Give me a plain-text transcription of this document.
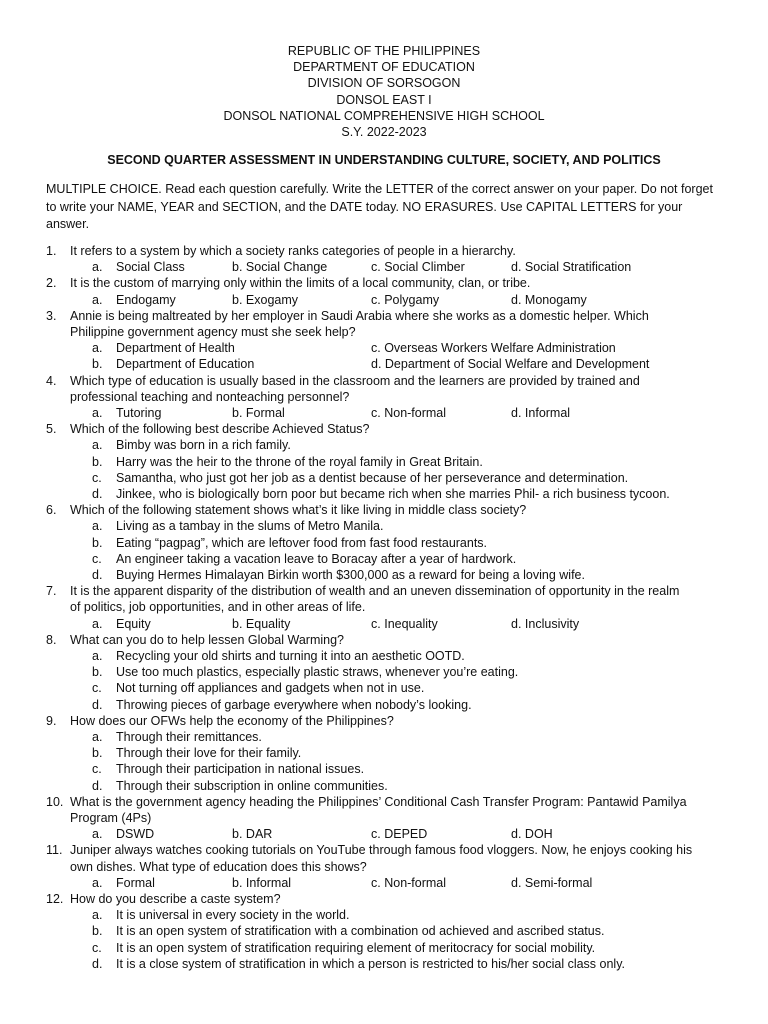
REPUBLIC OF THE PHILIPPINES
DEPARTMENT OF EDUCATION
DIVISION OF SORSOGON
DONSOL EAST I
DONSOL NATIONAL COMPREHENSIVE HIGH SCHOOL
S.Y. 2022-2023
SECOND QUARTER ASSESSMENT IN UNDERSTANDING CULTURE, SOCIETY, AND POLITICS
MULTIPLE CHOICE. Read each question carefully. Write the LETTER of the correct answer on your paper. Do not forget to write your NAME, YEAR and SECTION, and the DATE today. NO ERASURES. Use CAPITAL LETTERS for your answer.
1. It refers to a system by which a society ranks categories of people in a hierarchy.
a. Social Class	b. Social Change	c. Social Climber	d. Social Stratification
2. It is the custom of marrying only within the limits of a local community, clan, or tribe.
a. Endogamy	b. Exogamy	c. Polygamy	d. Monogamy
3. Annie is being maltreated by her employer in Saudi Arabia where she works as a domestic helper. Which
Philippine government agency must she seek help?
a. Department of Health	c. Overseas Workers Welfare Administration
b. Department of Education	d. Department of Social Welfare and Development
4. Which type of education is usually based in the classroom and the learners are provided by trained and
professional teaching and nonteaching personnel?
a. Tutoring	b. Formal	c. Non-formal	d. Informal
5. Which of the following best describe Achieved Status?
a. Bimby was born in a rich family.
b. Harry was the heir to the throne of the royal family in Great Britain.
c. Samantha, who just got her job as a dentist because of her perseverance and determination.
d. Jinkee, who is biologically born poor but became rich when she marries Phil- a rich business tycoon.
6. Which of the following statement shows what’s it like living in middle class society?
a. Living as a tambay in the slums of Metro Manila.
b. Eating “pagpag”, which are leftover food from fast food restaurants.
c. An engineer taking a vacation leave to Boracay after a year of hardwork.
d. Buying Hermes Himalayan Birkin worth $300,000 as a reward for being a loving wife.
7. It is the apparent disparity of the distribution of wealth and an uneven dissemination of opportunity in the realm
of politics, job opportunities, and in other areas of life.
a. Equity	b. Equality	c. Inequality	d. Inclusivity
8. What can you do to help lessen Global Warming?
a. Recycling your old shirts and turning it into an aesthetic OOTD.
b. Use too much plastics, especially plastic straws, whenever you’re eating.
c. Not turning off appliances and gadgets when not in use.
d. Throwing pieces of garbage everywhere when nobody’s looking.
9. How does our OFWs help the economy of the Philippines?
a. Through their remittances.
b. Through their love for their family.
c. Through their participation in national issues.
d. Through their subscription in online communities.
10. What is the government agency heading the Philippines’ Conditional Cash Transfer Program: Pantawid Pamilya
Program (4Ps)
a. DSWD	b. DAR	c. DEPED	d. DOH
11. Juniper always watches cooking tutorials on YouTube through famous food vloggers. Now, he enjoys cooking his
own dishes. What type of education does this shows?
a. Formal	b. Informal	c. Non-formal	d. Semi-formal
12. How do you describe a caste system?
a. It is universal in every society in the world.
b. It is an open system of stratification with a combination od achieved and ascribed status.
c. It is an open system of stratification requiring element of meritocracy for social mobility.
d. It is a close system of stratification in which a person is restricted to his/her social class only.
